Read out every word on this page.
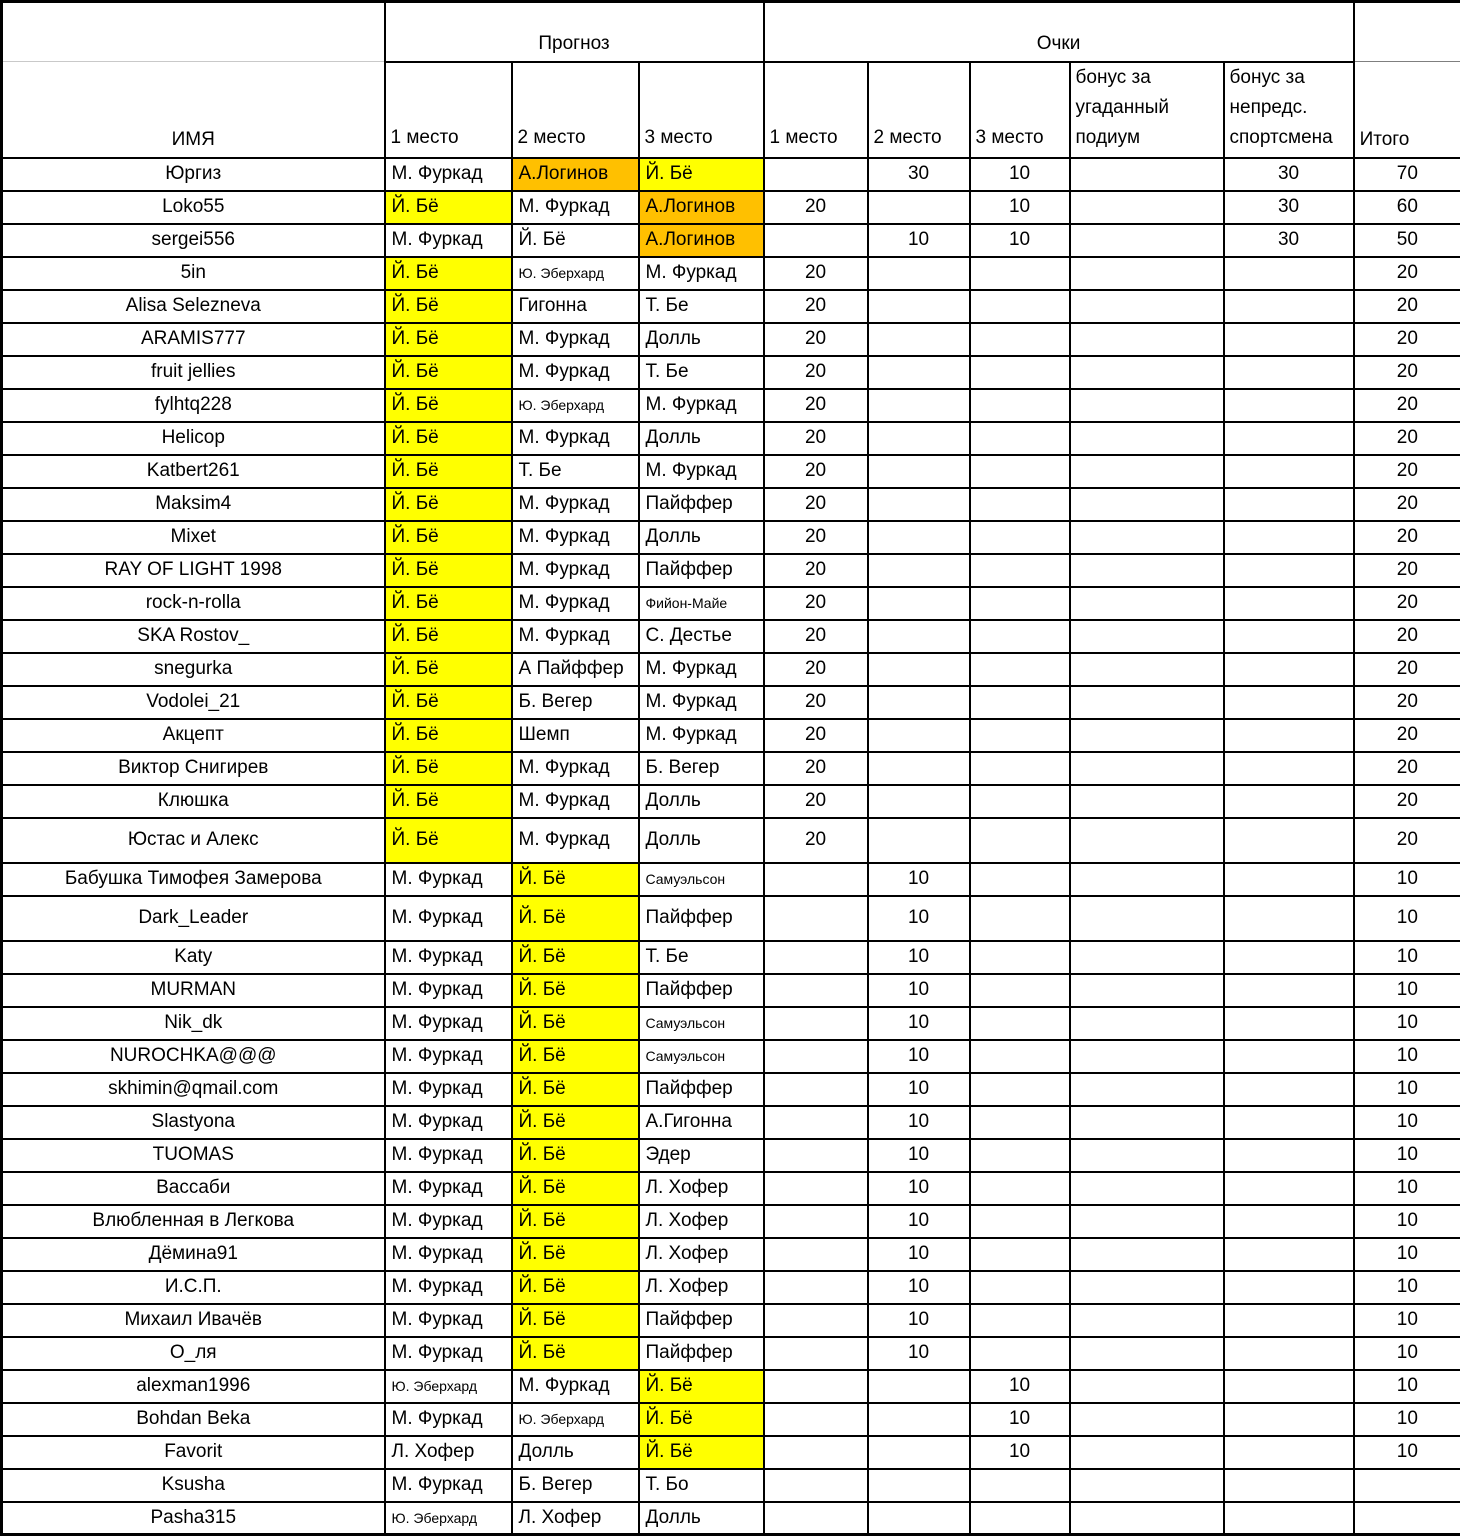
ИМЯ	Прогноз			Очки					Итого
	1 место	2 место	3 место	1 место	2 место	3 место	бонус за угаданный подиум	бонус за непредс. спортсмена	
Юргиз	М. Фуркад	А.Логинов	Й. Бё		30	10		30	70
Loko55	Й. Бё	М. Фуркад	А.Логинов	20		10		30	60
sergei556	М. Фуркад	Й. Бё	А.Логинов		10	10		30	50
5in	Й. Бё	Ю. Эберхард	М. Фуркад	20					20
Alisa Selezneva	Й. Бё	Гигонна	Т. Бе	20					20
ARAMIS777	Й. Бё	М. Фуркад	Долль	20					20
fruit jellies	Й. Бё	М. Фуркад	Т. Бе	20					20
fylhtq228	Й. Бё	Ю. Эберхард	М. Фуркад	20					20
Helicop	Й. Бё	М. Фуркад	Долль	20					20
Katbert261	Й. Бё	Т. Бе	М. Фуркад	20					20
Maksim4	Й. Бё	М. Фуркад	Пайффер	20					20
Mixet	Й. Бё	М. Фуркад	Долль	20					20
RAY OF LIGHT 1998	Й. Бё	М. Фуркад	Пайффер	20					20
rock-n-rolla	Й. Бё	М. Фуркад	Фийон-Майе	20					20
SKA Rostov_	Й. Бё	М. Фуркад	С. Дестье	20					20
snegurka	Й. Бё	А Пайффер	М. Фуркад	20					20
Vodolei_21	Й. Бё	Б. Вегер	М. Фуркад	20					20
Акцепт	Й. Бё	Шемп	М. Фуркад	20					20
Виктор Снигирев	Й. Бё	М. Фуркад	Б. Вегер	20					20
Клюшка	Й. Бё	М. Фуркад	Долль	20					20
Юстас и Алекс	Й. Бё	М. Фуркад	Долль	20					20
Бабушка Тимофея Замерова	М. Фуркад	Й. Бё	Самуэльсон		10				10
Dark_Leader	М. Фуркад	Й. Бё	Пайффер		10				10
Katy	М. Фуркад	Й. Бё	Т. Бе		10				10
MURMAN	М. Фуркад	Й. Бё	Пайффер		10				10
Nik_dk	М. Фуркад	Й. Бё	Самуэльсон		10				10
NUROCHKA@@@	М. Фуркад	Й. Бё	Самуэльсон		10				10
skhimin@qmail.com	М. Фуркад	Й. Бё	Пайффер		10				10
Slastyona	М. Фуркад	Й. Бё	А.Гигонна		10				10
TUOMAS	М. Фуркад	Й. Бё	Эдер		10				10
Вассаби	М. Фуркад	Й. Бё	Л. Хофер		10				10
Влюбленная в Легкова	М. Фуркад	Й. Бё	Л. Хофер		10				10
Дёмина91	М. Фуркад	Й. Бё	Л. Хофер		10				10
И.С.П.	М. Фуркад	Й. Бё	Л. Хофер		10				10
Михаил Ивачёв	М. Фуркад	Й. Бё	Пайффер		10				10
О_ля	М. Фуркад	Й. Бё	Пайффер		10				10
alexman1996	Ю. Эберхард	М. Фуркад	Й. Бё			10			10
Bohdan Beka	М. Фуркад	Ю. Эберхард	Й. Бё			10			10
Favorit	Л. Хофер	Долль	Й. Бё			10			10
Ksusha	М. Фуркад	Б. Вегер	Т. Бо						
Pasha315	Ю. Эберхард	Л. Хофер	Долль						
